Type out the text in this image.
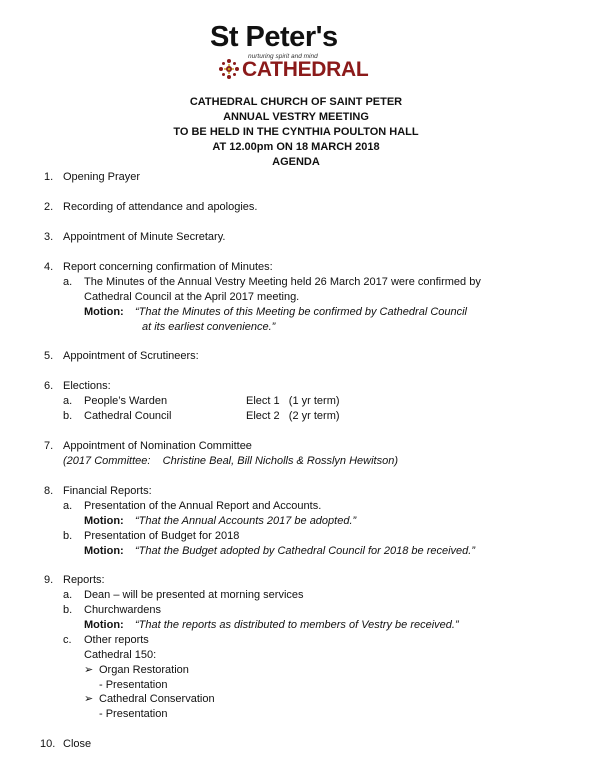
St Peter's
nurturing spirit and mind
CATHEDRAL
CATHEDRAL CHURCH OF SAINT PETER
ANNUAL VESTRY MEETING
TO BE HELD IN THE CYNTHIA POULTON HALL
AT 12.00pm ON 18 MARCH 2018
AGENDA
1. Opening Prayer
2. Recording of attendance and apologies.
3. Appointment of Minute Secretary.
4. Report concerning confirmation of Minutes:
a. The Minutes of the Annual Vestry Meeting held 26 March 2017 were confirmed by
Cathedral Council at the April 2017 meeting.
Motion: “That the Minutes of this Meeting be confirmed by Cathedral Council
at its earliest convenience.”
5. Appointment of Scrutineers:
6. Elections:
a. People’s Warden	Elect 1   (1 yr term)
b. Cathedral Council	Elect 2   (2 yr term)
7. Appointment of Nomination Committee
(2017 Committee:    Christine Beal, Bill Nicholls & Rosslyn Hewitson)
8. Financial Reports:
a. Presentation of the Annual Report and Accounts.
Motion: “That the Annual Accounts 2017 be adopted.”
b. Presentation of Budget for 2018
Motion: “That the Budget adopted by Cathedral Council for 2018 be received.”
9. Reports:
a. Dean – will be presented at morning services
b. Churchwardens
Motion: “That the reports as distributed to members of Vestry be received.”
c. Other reports
Cathedral 150:
➢ Organ Restoration
- Presentation
➢ Cathedral Conservation
- Presentation
10. Close
